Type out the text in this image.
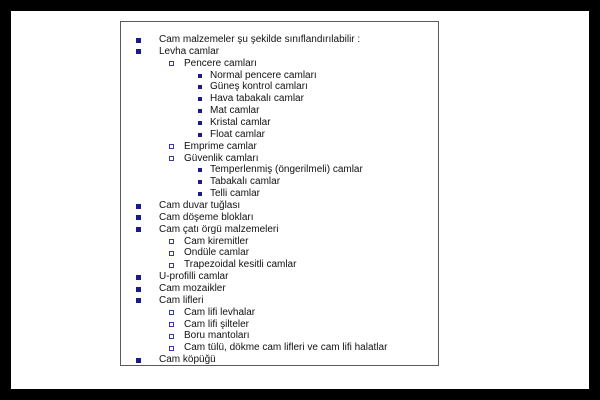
Cam malzemeler şu şekilde sınıflandırılabilir :
Levha camlar
Pencere camları
Normal pencere camları
Güneş kontrol camları
Hava tabakalı camlar
Mat camlar
Kristal camlar
Float camlar
Emprime camlar
Güvenlik camları
Temperlenmiş (öngerilmeli) camlar
Tabakalı camlar
Telli camlar
Cam duvar tuğlası
Cam döşeme blokları
Cam çatı örgü malzemeleri
Cam kiremitler
Ondüle camlar
Trapezoidal kesitli camlar
U-profilli camlar
Cam mozaikler
Cam lifleri
Cam lifi levhalar
Cam lifi şilteler
Boru mantoları
Cam tülü, dökme cam lifleri ve cam lifi halatlar
Cam köpüğü
